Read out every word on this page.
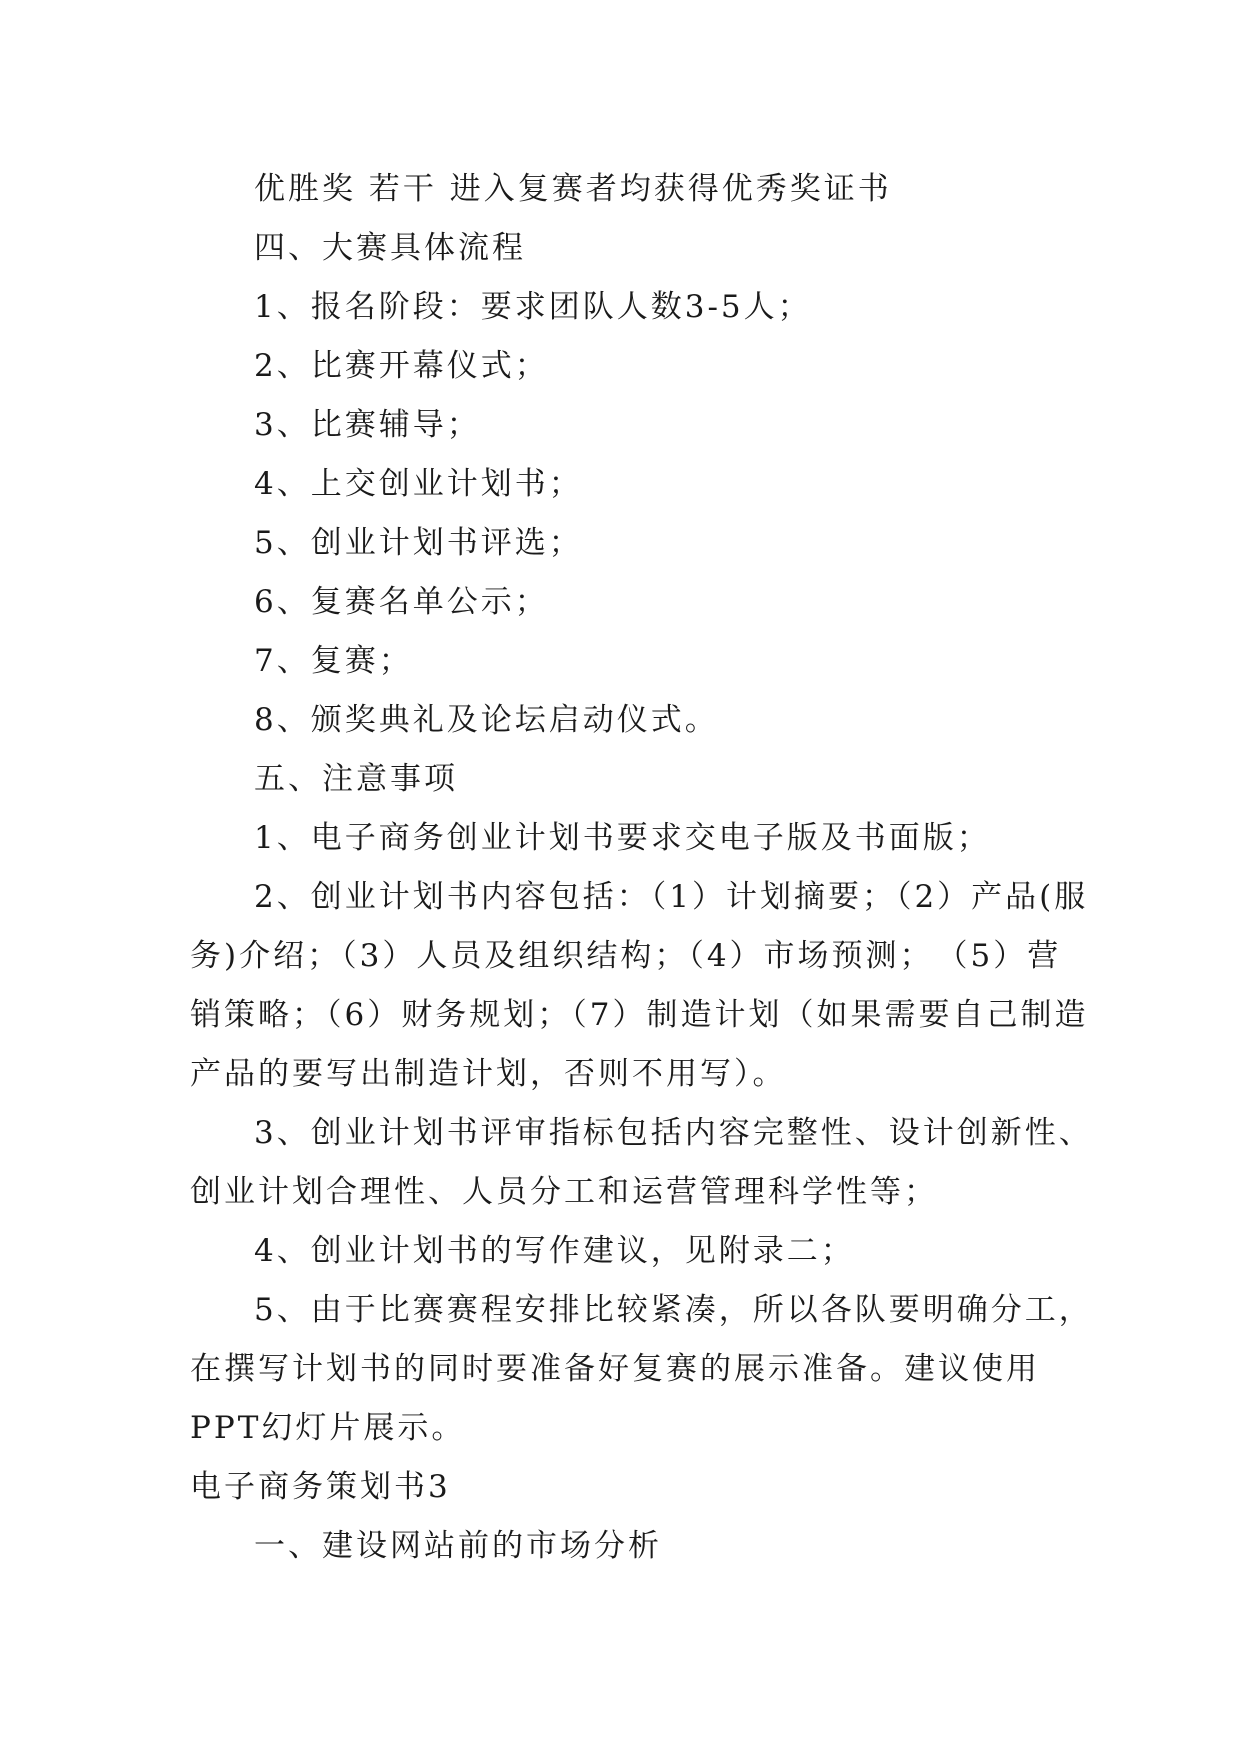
优胜奖 若干 进入复赛者均获得优秀奖证书
四、大赛具体流程
1、报名阶段：要求团队人数3-5人；
2、比赛开幕仪式；
3、比赛辅导；
4、上交创业计划书；
5、创业计划书评选；
6、复赛名单公示；
7、复赛；
8、颁奖典礼及论坛启动仪式。
五、注意事项
1、电子商务创业计划书要求交电子版及书面版；
2、创业计划书内容包括：（1）计划摘要；（2）产品(服
务)介绍；（3）人员及组织结构；（4）市场预测；　（5）营
销策略；（6）财务规划；（7）制造计划（如果需要自己制造
产品的要写出制造计划，否则不用写）。
3、创业计划书评审指标包括内容完整性、设计创新性、
创业计划合理性、人员分工和运营管理科学性等；
4、创业计划书的写作建议，见附录二；
5、由于比赛赛程安排比较紧凑，所以各队要明确分工，
在撰写计划书的同时要准备好复赛的展示准备。建议使用
PPT幻灯片展示。
电子商务策划书3
一、建设网站前的市场分析
